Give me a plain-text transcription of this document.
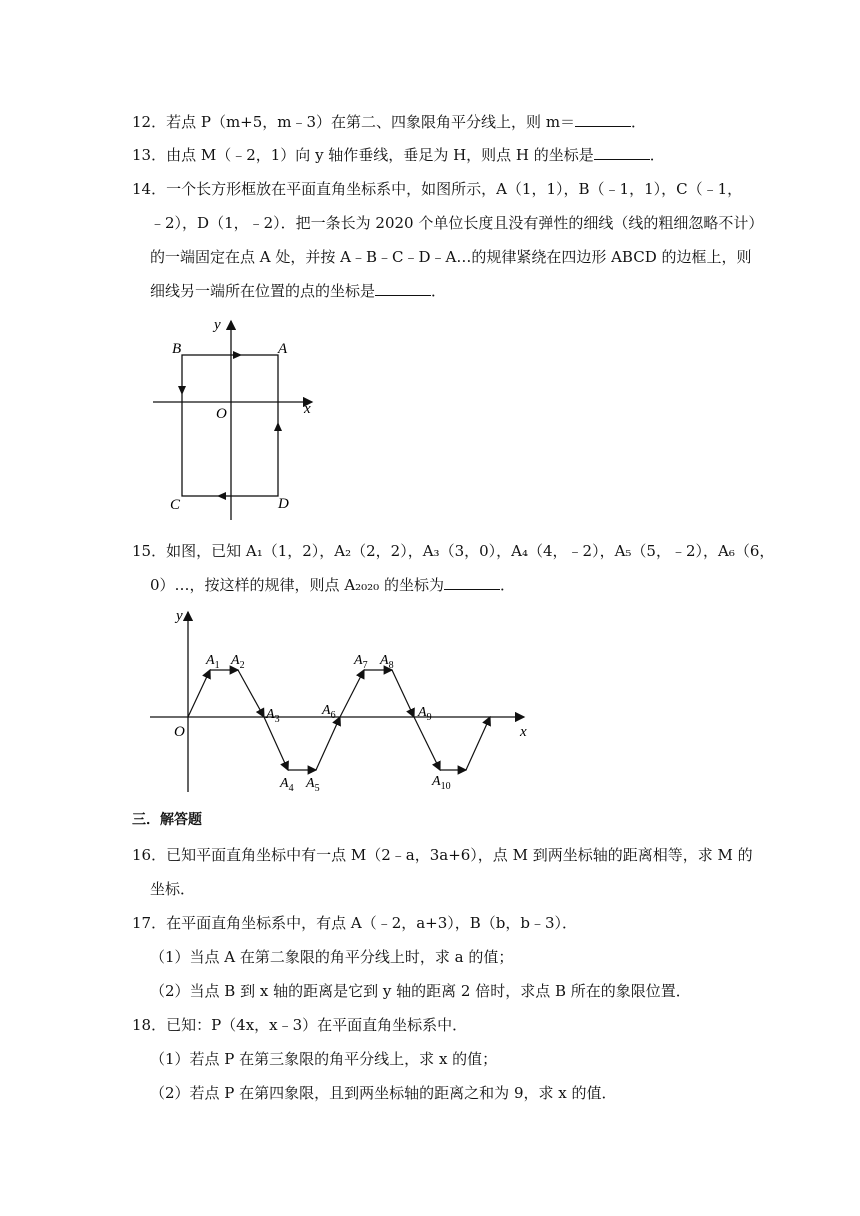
12．若点 P（m+5，m﹣3）在第二、四象限角平分线上，则 m＝	．
13．由点 M（﹣2，1）向 y 轴作垂线，垂足为 H，则点 H 的坐标是	．
14．一个长方形框放在平面直角坐标系中，如图所示，A（1，1），B（﹣1，1），C（﹣1，
﹣2），D（1，﹣2）．把一条长为 2020 个单位长度且没有弹性的细线（线的粗细忽略不计）
的一端固定在点 A 处，并按 A﹣B﹣C﹣D﹣A…的规律紧绕在四边形 ABCD 的边框上，则
细线另一端所在位置的点的坐标是	．
y
x
O
A
B
C	D
15．如图，已知 A₁（1，2），A₂（2，2），A₃（3，0），A₄（4，﹣2），A₅（5，﹣2），A₆（6，
0）…，按这样的规律，则点 A₂₀₂₀ 的坐标为	．
y
x
O
$A_1$ $A_2$
$A_3$
$A_4$ $A_5$
$A_6$
$A_7$ $A_8$
$A_9$
$A_{10}$
三．解答题
16．已知平面直角坐标中有一点 M（2﹣a，3a+6），点 M 到两坐标轴的距离相等，求 M 的
坐标．
17．在平面直角坐标系中，有点 A（﹣2，a+3），B（b，b﹣3）．
（1）当点 A 在第二象限的角平分线上时，求 a 的值；
（2）当点 B 到 x 轴的距离是它到 y 轴的距离 2 倍时，求点 B 所在的象限位置．
18．已知：P（4x，x﹣3）在平面直角坐标系中．
（1）若点 P 在第三象限的角平分线上，求 x 的值；
（2）若点 P 在第四象限，且到两坐标轴的距离之和为 9，求 x 的值．
